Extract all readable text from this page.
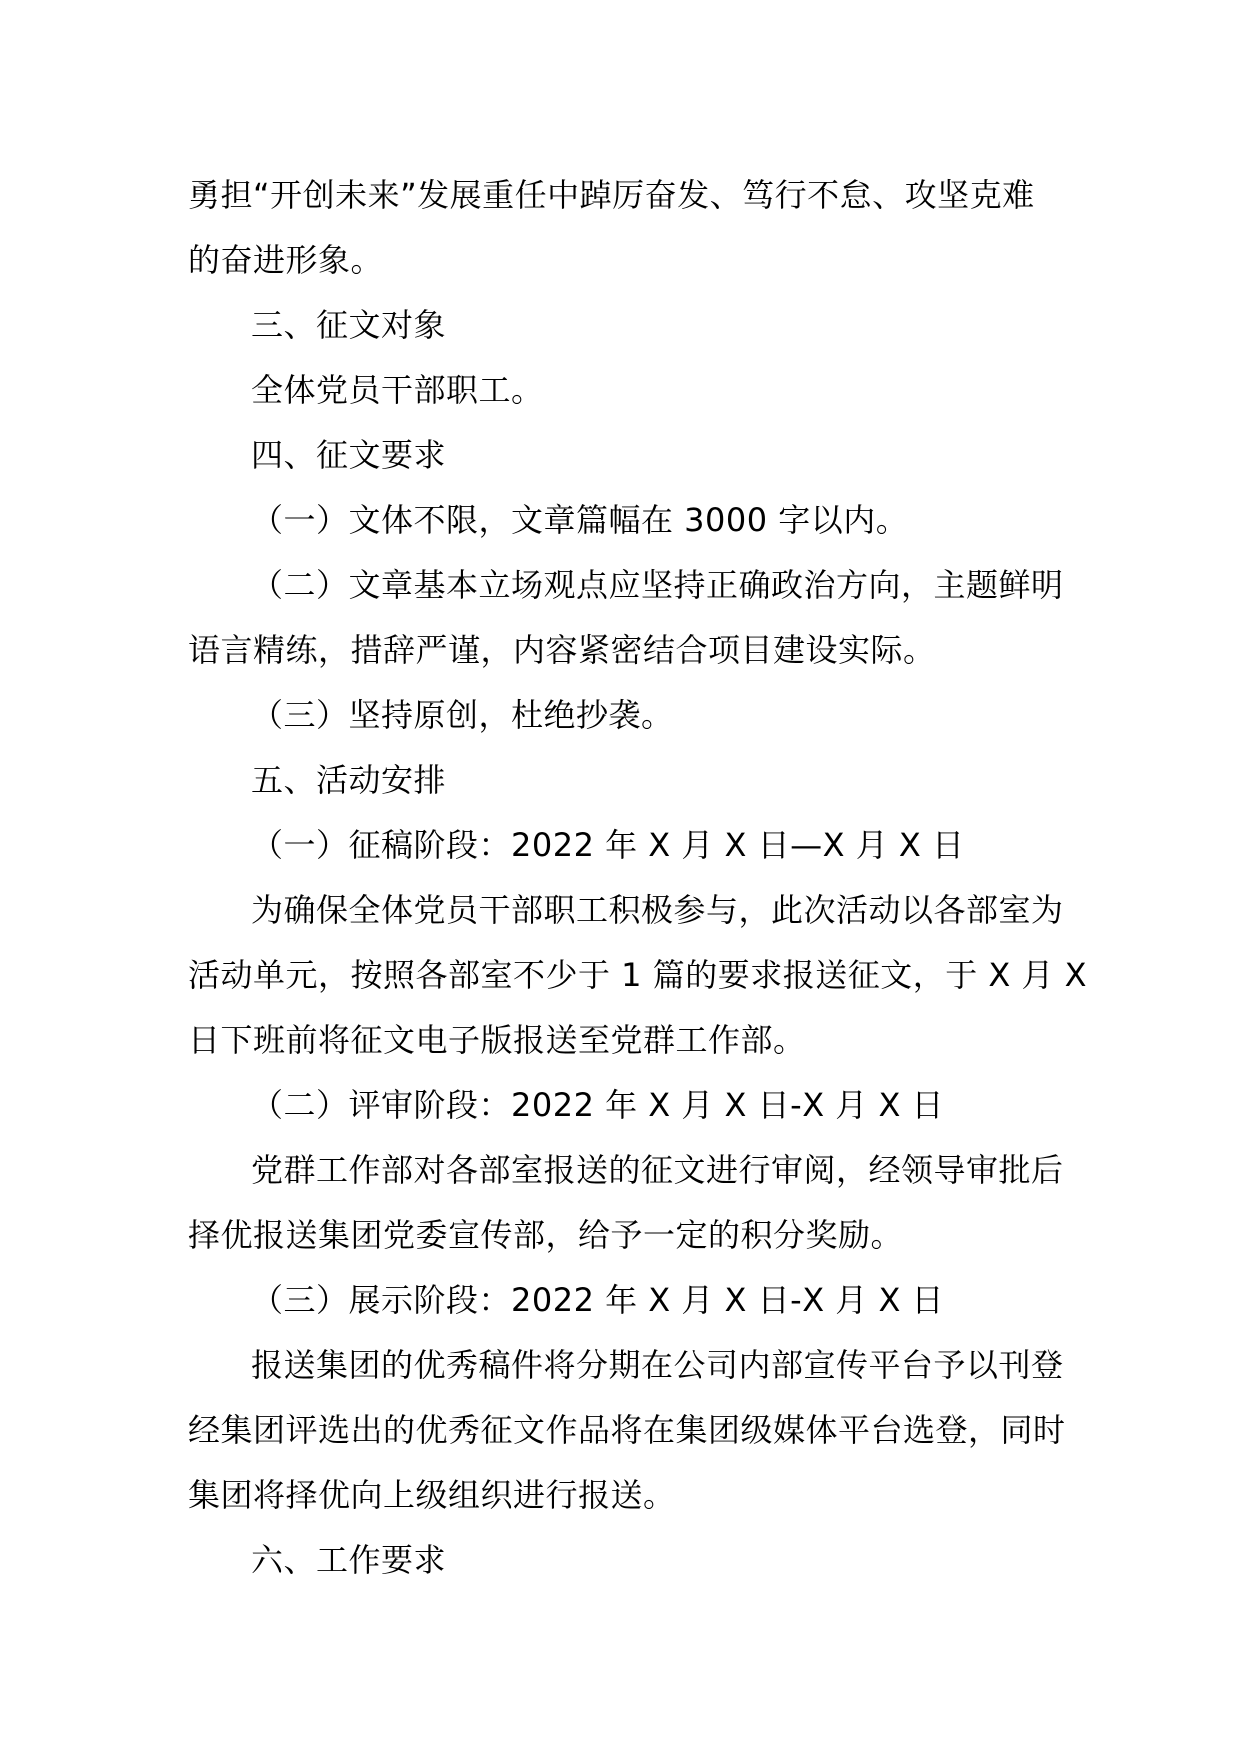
勇担“开创未来”发展重任中踔厉奋发、笃行不怠、攻坚克难
的奋进形象。
三、征文对象
全体党员干部职工。
四、征文要求
（一）文体不限，文章篇幅在 3000 字以内。
（二）文章基本立场观点应坚持正确政治方向，主题鲜明
语言精练，措辞严谨，内容紧密结合项目建设实际。
（三）坚持原创，杜绝抄袭。
五、活动安排
（一）征稿阶段：2022 年 X 月 X 日—X 月 X 日
为确保全体党员干部职工积极参与，此次活动以各部室为
活动单元，按照各部室不少于 1 篇的要求报送征文，于 X 月 X
日下班前将征文电子版报送至党群工作部。
（二）评审阶段：2022 年 X 月 X 日-X 月 X 日
党群工作部对各部室报送的征文进行审阅，经领导审批后
择优报送集团党委宣传部，给予一定的积分奖励。
（三）展示阶段：2022 年 X 月 X 日-X 月 X 日
报送集团的优秀稿件将分期在公司内部宣传平台予以刊登
经集团评选出的优秀征文作品将在集团级媒体平台选登，同时
集团将择优向上级组织进行报送。
六、工作要求
